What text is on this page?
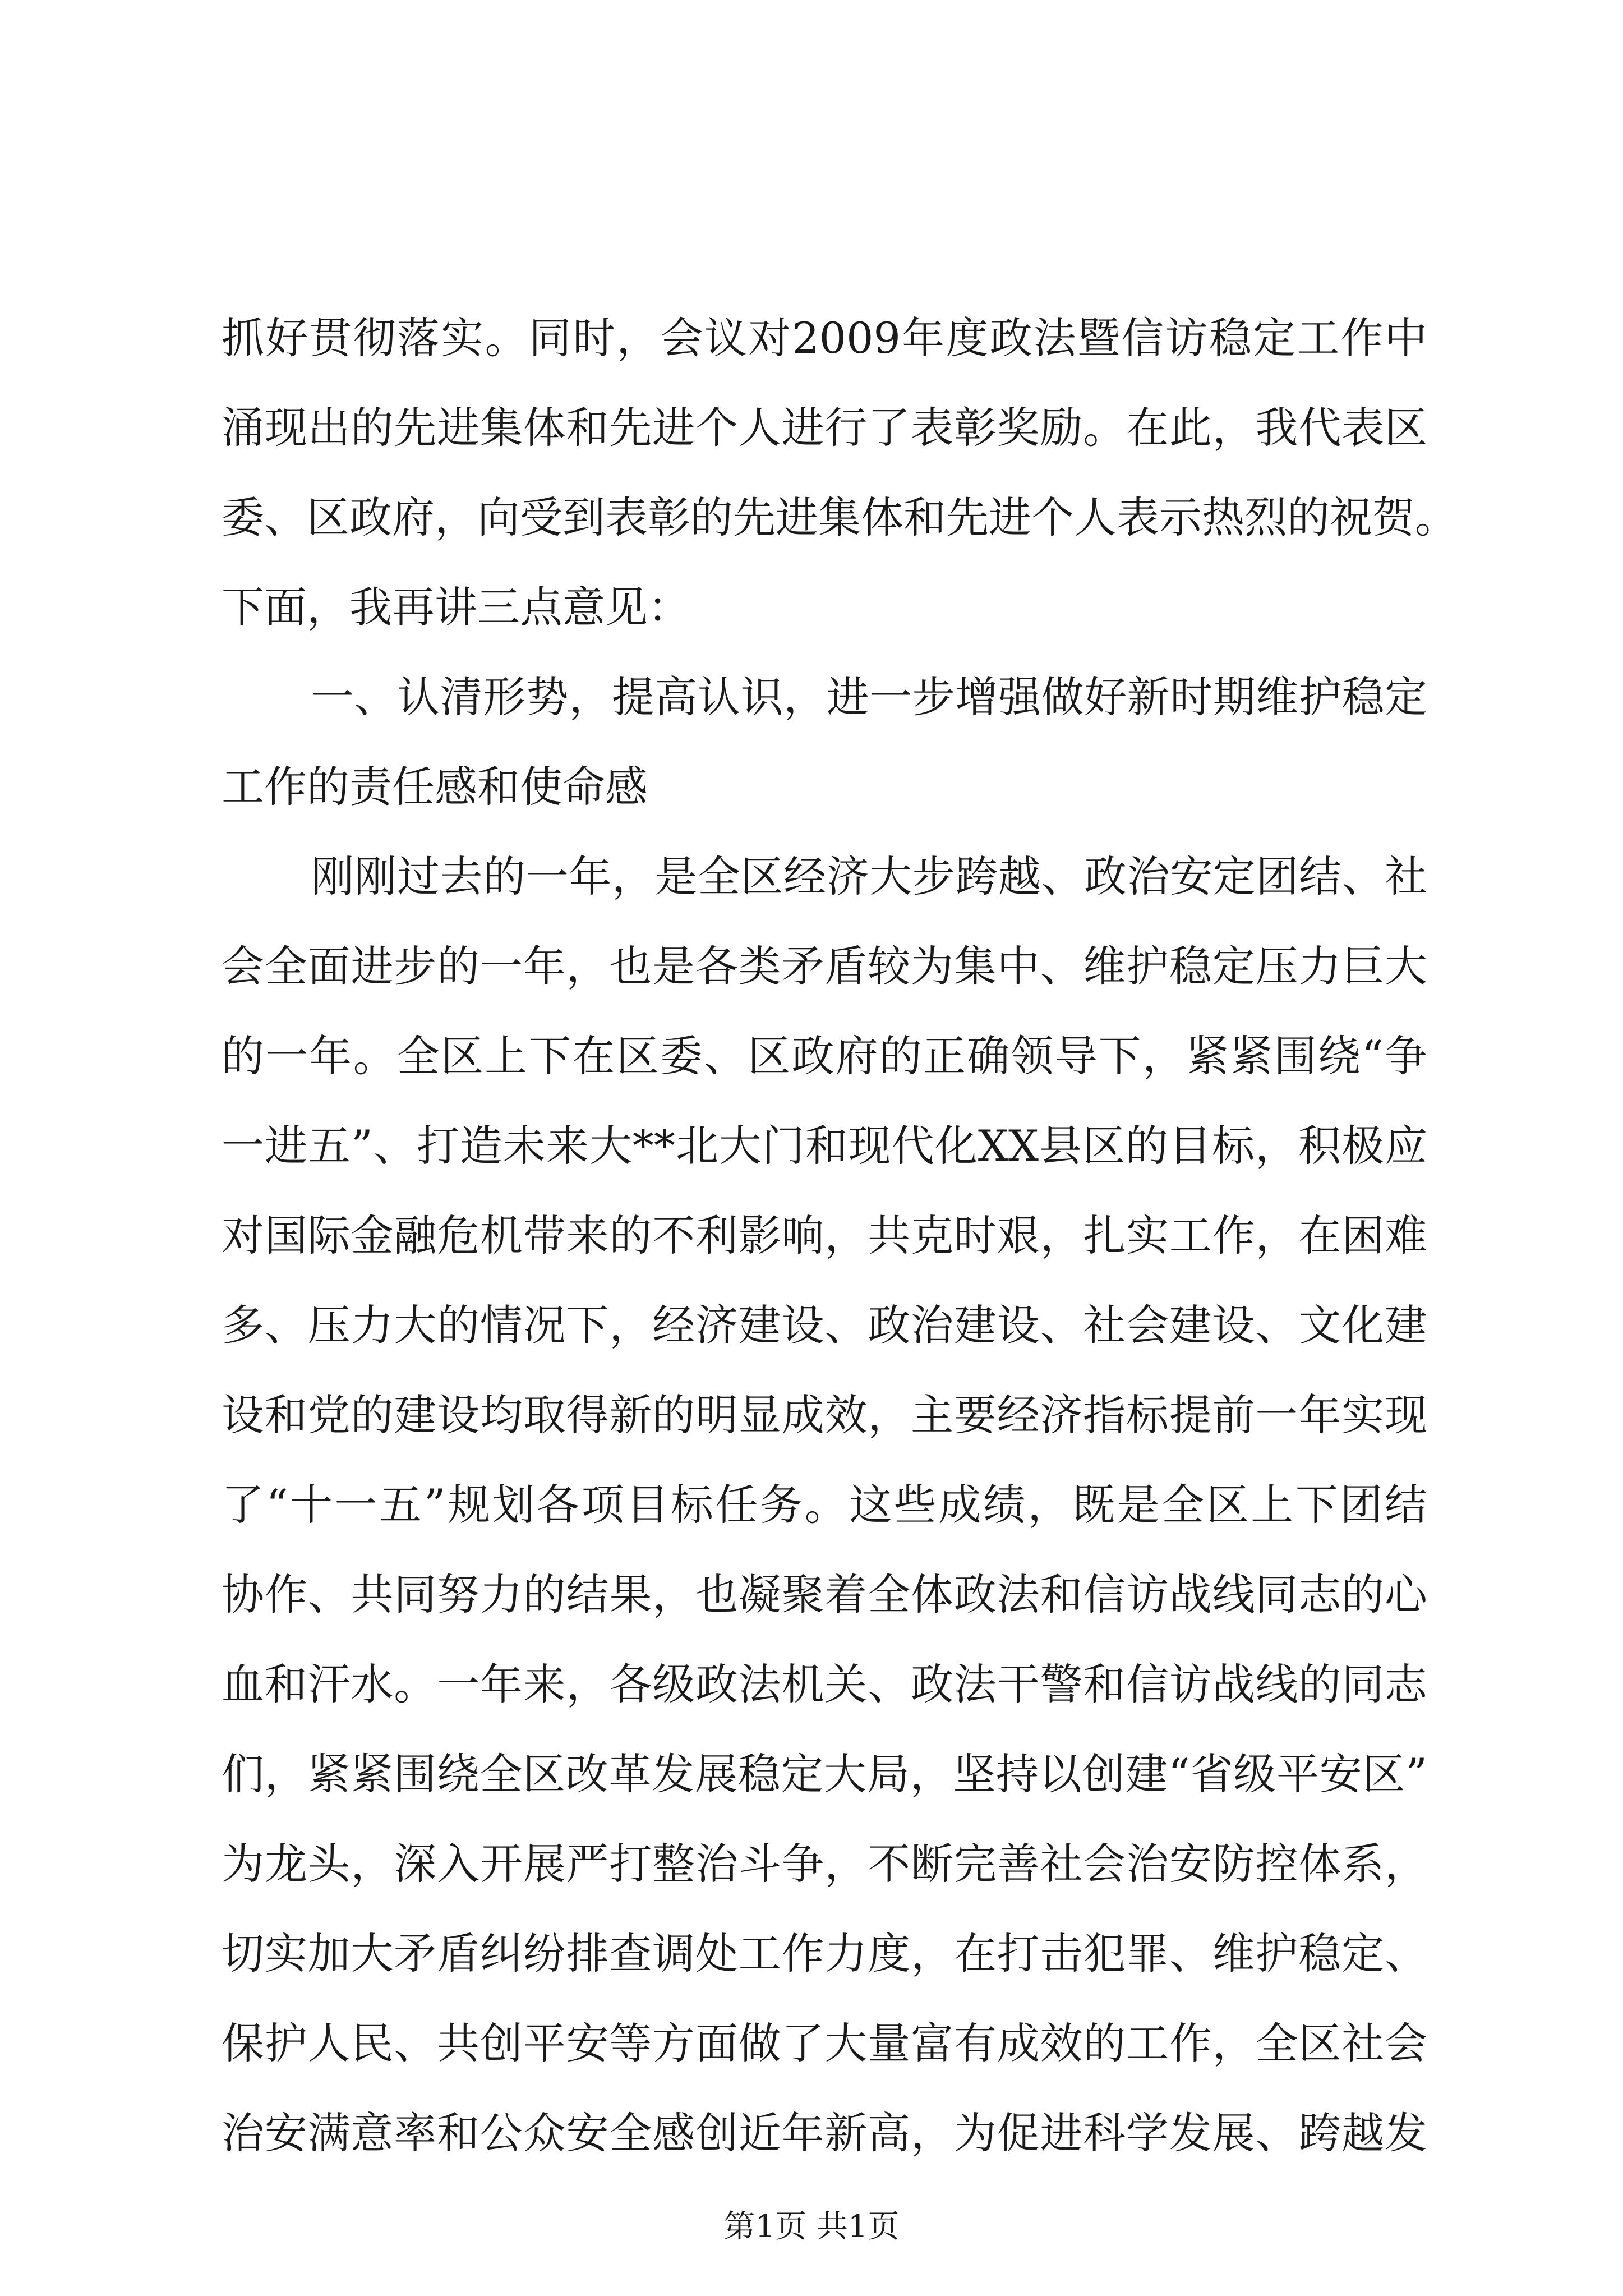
抓好贯彻落实。同时，会议对2009年度政法暨信访稳定工作中
涌现出的先进集体和先进个人进行了表彰奖励。在此，我代表区
委、区政府，向受到表彰的先进集体和先进个人表示热烈的祝贺。
下面，我再讲三点意见：
一、认清形势，提高认识，进一步增强做好新时期维护稳定
工作的责任感和使命感
刚刚过去的一年，是全区经济大步跨越、政治安定团结、社
会全面进步的一年，也是各类矛盾较为集中、维护稳定压力巨大
的一年。全区上下在区委、区政府的正确领导下，紧紧围绕“争
一进五”、打造未来大**北大门和现代化XX县区的目标，积极应
对国际金融危机带来的不利影响，共克时艰，扎实工作，在困难
多、压力大的情况下，经济建设、政治建设、社会建设、文化建
设和党的建设均取得新的明显成效，主要经济指标提前一年实现
了“十一五”规划各项目标任务。这些成绩，既是全区上下团结
协作、共同努力的结果，也凝聚着全体政法和信访战线同志的心
血和汗水。一年来，各级政法机关、政法干警和信访战线的同志
们，紧紧围绕全区改革发展稳定大局，坚持以创建“省级平安区”
为龙头，深入开展严打整治斗争，不断完善社会治安防控体系，
切实加大矛盾纠纷排查调处工作力度，在打击犯罪、维护稳定、
保护人民、共创平安等方面做了大量富有成效的工作，全区社会
治安满意率和公众安全感创近年新高，为促进科学发展、跨越发
第1页 共1页
